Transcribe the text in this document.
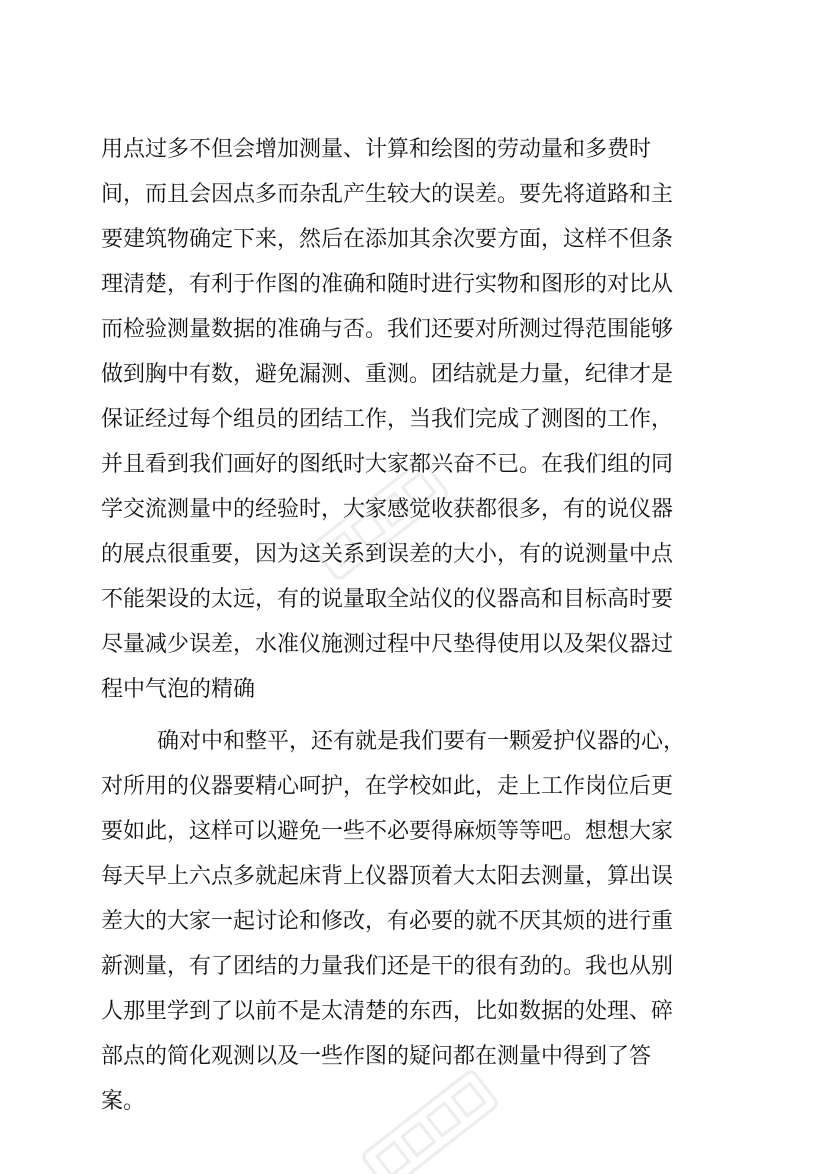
用点过多不但会增加测量、计算和绘图的劳动量和多费时
间，而且会因点多而杂乱产生较大的误差。要先将道路和主
要建筑物确定下来，然后在添加其余次要方面，这样不但条
理清楚，有利于作图的准确和随时进行实物和图形的对比从
而检验测量数据的准确与否。我们还要对所测过得范围能够
做到胸中有数，避免漏测、重测。团结就是力量，纪律才是
保证经过每个组员的团结工作，当我们完成了测图的工作，
并且看到我们画好的图纸时大家都兴奋不已。在我们组的同
学交流测量中的经验时，大家感觉收获都很多，有的说仪器
的展点很重要，因为这关系到误差的大小，有的说测量中点
不能架设的太远，有的说量取全站仪的仪器高和目标高时要
尽量减少误差，水准仪施测过程中尺垫得使用以及架仪器过
程中气泡的精确
确对中和整平，还有就是我们要有一颗爱护仪器的心，
对所用的仪器要精心呵护，在学校如此，走上工作岗位后更
要如此，这样可以避免一些不必要得麻烦等等吧。想想大家
每天早上六点多就起床背上仪器顶着大太阳去测量，算出误
差大的大家一起讨论和修改，有必要的就不厌其烦的进行重
新测量，有了团结的力量我们还是干的很有劲的。我也从别
人那里学到了以前不是太清楚的东西，比如数据的处理、碎
部点的简化观测以及一些作图的疑问都在测量中得到了答
案。
